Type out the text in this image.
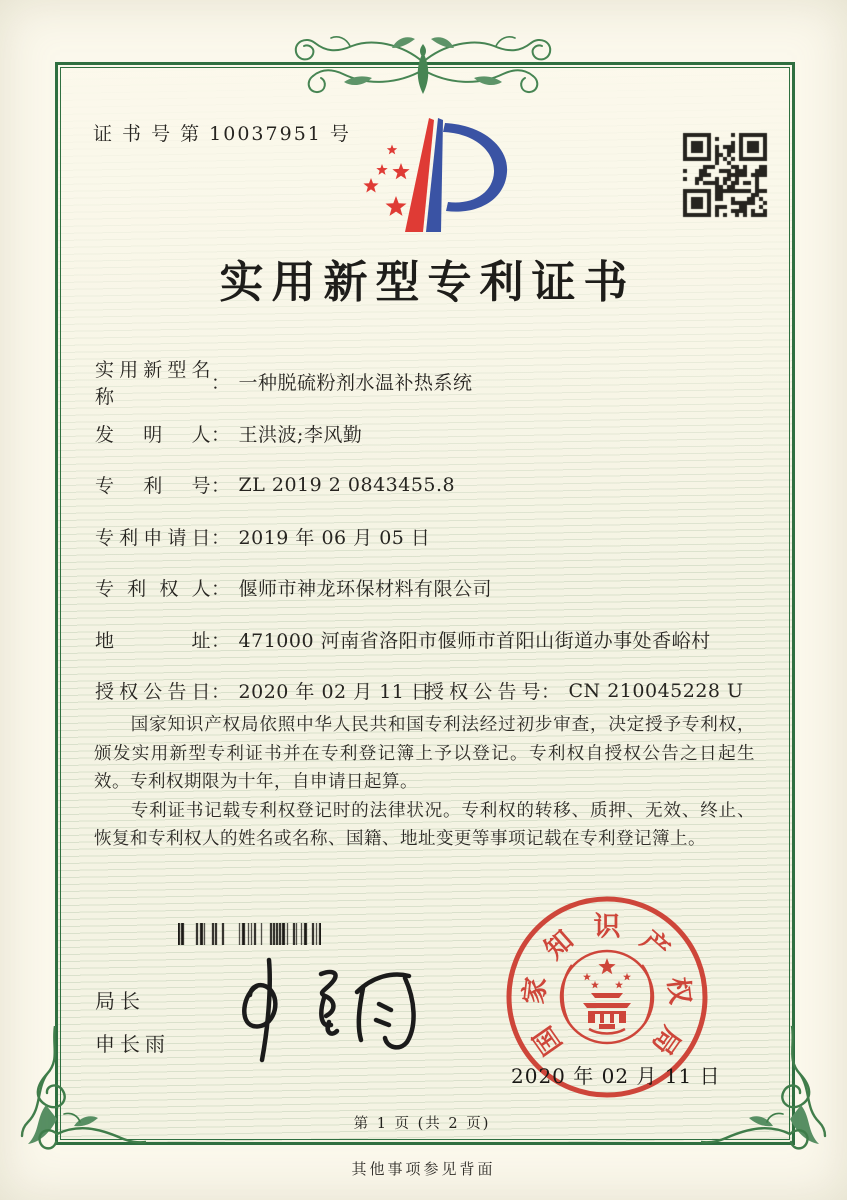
证 书 号 第 10037951 号
实用新型专利证书
实用新型名称
： 一种脱硫粉剂水温补热系统
发明人 ： 王洪波;李风勤
专利号 ： ZL 2019 2 0843455.8
专利申请日 ： 2019 年 06 月 05 日
专利权人 ： 偃师市神龙环保材料有限公司
地址 ： 471000 河南省洛阳市偃师市首阳山街道办事处香峪村
授权公告日 ： 2020 年 02 月 11 日
授权公告号 ： CN 210045228 U

国家知识产权局依照中华人民共和国专利法经过初步审查，决定授予专利权，颁发实用新型专利证书并在专利登记簿上予以登记。专利权自授权公告之日起生效。专利权期限为十年，自申请日起算。

专利证书记载专利权登记时的法律状况。专利权的转移、质押、无效、终止、恢复和专利权人的姓名或名称、国籍、地址变更等事项记载在专利登记簿上。

局长
申长雨	国
家
知 识 产
权
局
2020 年 02 月 11 日
第 1 页 (共 2 页)
其他事项参见背面
